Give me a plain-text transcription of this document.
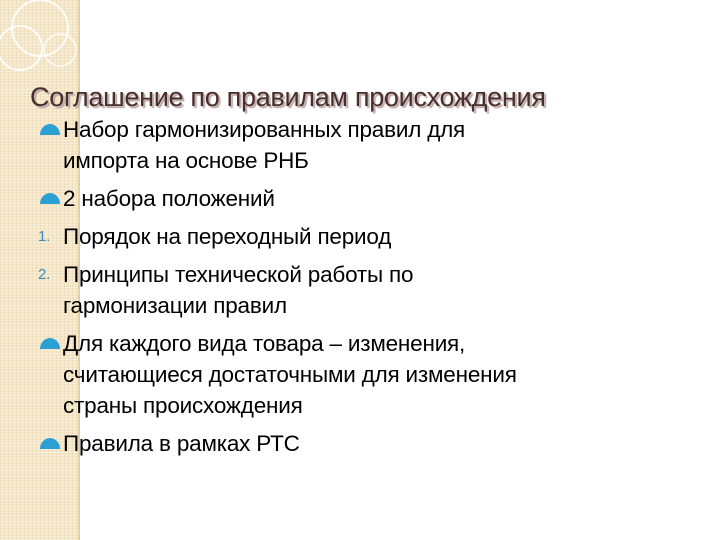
Соглашение по правилам происхождения
Набор гармонизированных правил для
импорта на основе РНБ
2 набора положений
1. Порядок на переходный период
2. Принципы технической работы по
гармонизации правил
Для каждого вида товара – изменения,
считающиеся достаточными для изменения
страны происхождения
Правила в рамках РТС
